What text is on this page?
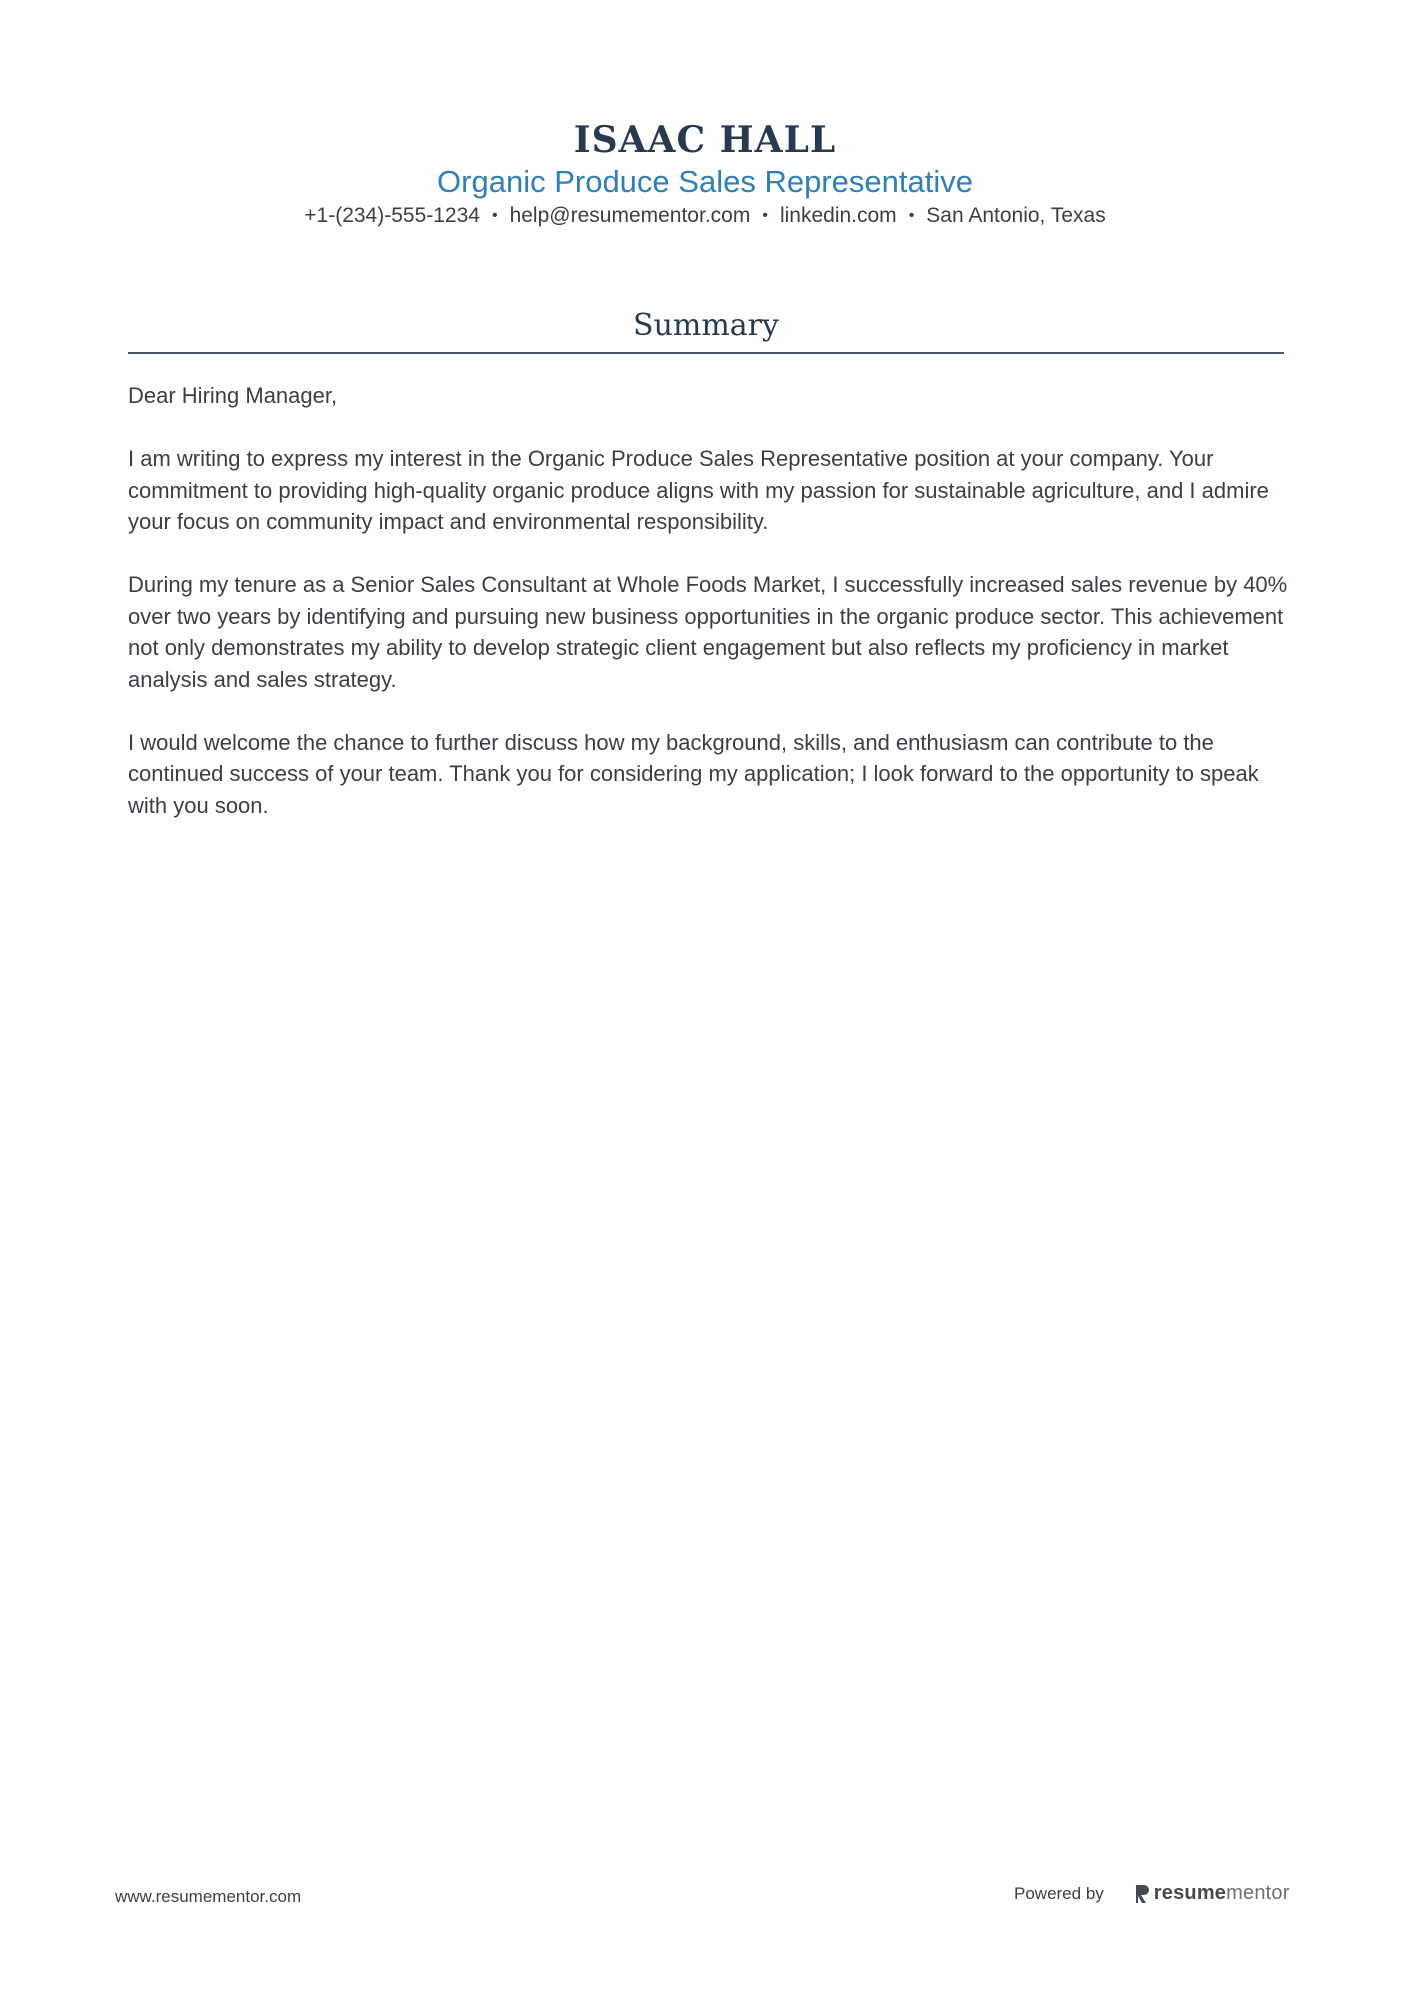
ISAAC HALL
Organic Produce Sales Representative
+1-(234)-555-1234 • help@resumementor.com • linkedin.com • San Antonio, Texas
Summary

Dear Hiring Manager,

I am writing to express my interest in the Organic Produce Sales Representative position at your company. Your commitment to providing high-quality organic produce aligns with my passion for sustainable agriculture, and I admire your focus on community impact and environmental responsibility.

During my tenure as a Senior Sales Consultant at Whole Foods Market, I successfully increased sales revenue by 40% over two years by identifying and pursuing new business opportunities in the organic produce sector. This achievement not only demonstrates my ability to develop strategic client engagement but also reflects my proficiency in market analysis and sales strategy.

I would welcome the chance to further discuss how my background, skills, and enthusiasm can contribute to the continued success of your team. Thank you for considering my application; I look forward to the opportunity to speak with you soon.

www.resumementor.com	Powered by	resumementor
